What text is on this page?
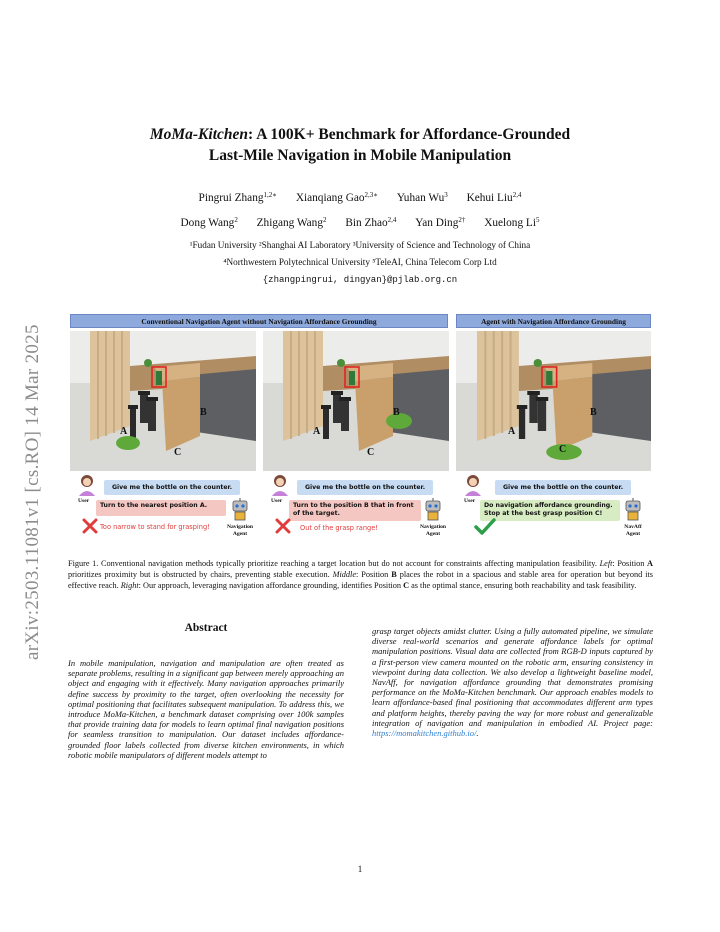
arXiv:2503.11081v1 [cs.RO] 14 Mar 2025
MoMa-Kitchen: A 100K+ Benchmark for Affordance-Grounded
Last-Mile Navigation in Mobile Manipulation
Pingrui Zhang$^{1,2∗}$ Xianqiang Gao$^{2,3∗}$ Yuhan Wu$^3$ Kehui Liu$^{2,4}$
Dong Wang$^2$ Zhigang Wang$^2$ Bin Zhao$^{2,4}$ Yan Ding$^{2\dagger}$ Xuelong Li$^5$
¹Fudan University ²Shanghai AI Laboratory ³University of Science and Technology of China
⁴Northwestern Polytechnical University ⁵TeleAI, China Telecom Corp Ltd
{zhangpingrui, dingyan}@pjlab.org.cn
Conventional Navigation Agent without Navigation Affordance Grounding	Agent with Navigation Affordance Grounding
A
B
C
A
B
C
A
B
C
User
Give me the bottle on the counter.
Turn to the nearest position A.
Too narrow to stand for grasping!	Navigation
Agent
User
Give me the bottle on the counter.
Turn to the position B that in front of the target.
Out of the grasp range!	Navigation
Agent
User
Give me the bottle on the counter.
Do navigation affordance grounding. Stop at the best grasp position C!
NavAff
Agent
Figure 1. Conventional navigation methods typically prioritize reaching a target location but do not account for constraints affecting manipulation feasibility. Left: Position A prioritizes proximity but is obstructed by chairs, preventing stable execution. Middle: Position B places the robot in a spacious and stable area for operation but beyond its effective reach. Right: Our approach, leveraging navigation affordance grounding, identifies Position C as the optimal stance, ensuring both reachability and task feasibility.
Abstract
In mobile manipulation, navigation and manipulation are often treated as separate problems, resulting in a significant gap between merely approaching an object and engaging with it effectively. Many navigation approaches primarily define success by proximity to the target, often overlooking the necessity for optimal positioning that facilitates subsequent manipulation. To address this, we introduce MoMa-Kitchen, a benchmark dataset comprising over 100k samples that provide training data for models to learn optimal final navigation positions for seamless transition to manipulation. Our dataset includes affordance-grounded floor labels collected from diverse kitchen environments, in which robotic mobile manipulators of different models attempt to
grasp target objects amidst clutter. Using a fully automated pipeline, we simulate diverse real-world scenarios and generate affordance labels for optimal manipulation positions. Visual data are collected from RGB-D inputs captured by a first-person view camera mounted on the robotic arm, ensuring consistency in viewpoint during data collection. We also develop a lightweight baseline model, NavAff, for navigation affordance grounding that demonstrates promising performance on the MoMa-Kitchen benchmark. Our approach enables models to learn affordance-based final positioning that accommodates different arm types and platform heights, thereby paving the way for more robust and generalizable integration of navigation and manipulation in embodied AI. Project page: https://momakitchen.github.io/.
1
